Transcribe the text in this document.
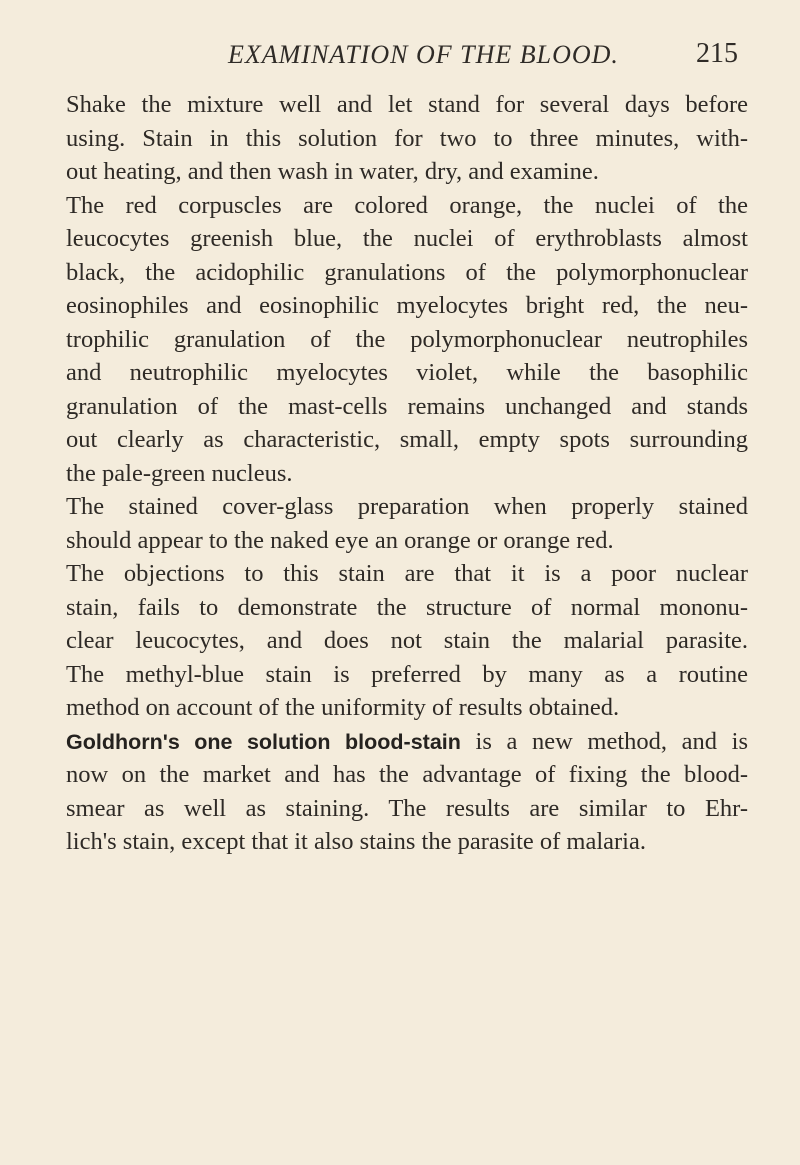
EXAMINATION OF THE BLOOD.	215
Shake the mixture well and let stand for several days before
using. Stain in this solution for two to three minutes, with-
out heating, and then wash in water, dry, and examine.
The red corpuscles are colored orange, the nuclei of the
leucocytes greenish blue, the nuclei of erythroblasts almost
black, the acidophilic granulations of the polymorphonuclear
eosinophiles and eosinophilic myelocytes bright red, the neu-
trophilic granulation of the polymorphonuclear neutrophiles
and neutrophilic myelocytes violet, while the basophilic
granulation of the mast-cells remains unchanged and stands
out clearly as characteristic, small, empty spots surrounding
the pale-green nucleus.
The stained cover-glass preparation when properly stained
should appear to the naked eye an orange or orange red.
The objections to this stain are that it is a poor nuclear
stain, fails to demonstrate the structure of normal mononu-
clear leucocytes, and does not stain the malarial parasite.
The methyl-blue stain is preferred by many as a routine
method on account of the uniformity of results obtained.
Goldhorn's one solution blood-stain is a new method, and is
now on the market and has the advantage of fixing the blood-
smear as well as staining. The results are similar to Ehr-
lich's stain, except that it also stains the parasite of malaria.
